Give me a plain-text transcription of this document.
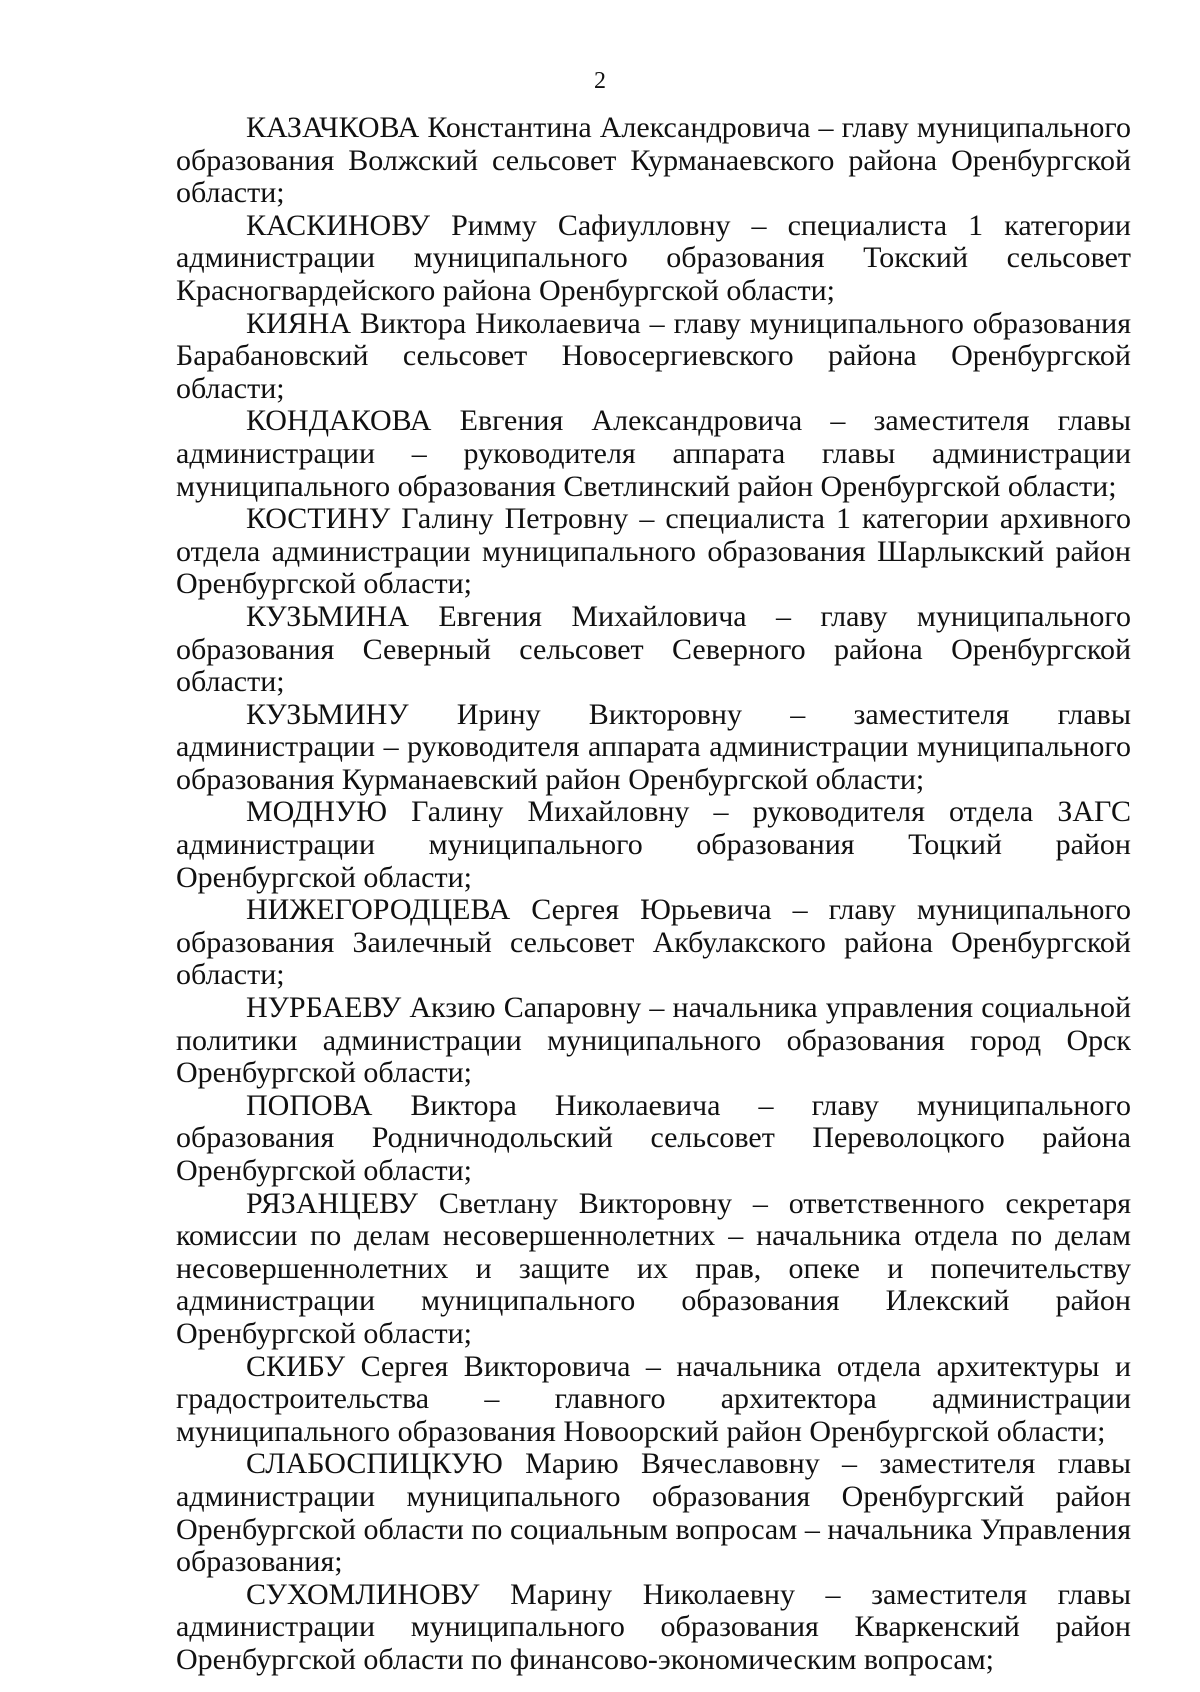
2

КАЗАЧКОВА Константина Александровича – главу муниципального образования Волжский сельсовет Курманаевского района Оренбургской области;

КАСКИНОВУ Римму Сафиулловну – специалиста 1 категории администрации муниципального образования Токский сельсовет Красногвардейского района Оренбургской области;

КИЯНА Виктора Николаевича – главу муниципального образования Барабановский сельсовет Новосергиевского района Оренбургской области;

КОНДАКОВА Евгения Александровича – заместителя главы администрации – руководителя аппарата главы администрации муниципального образования Светлинский район Оренбургской области;

КОСТИНУ Галину Петровну – специалиста 1 категории архивного отдела администрации муниципального образования Шарлыкский район Оренбургской области;

КУЗЬМИНА Евгения Михайловича – главу муниципального образования Северный сельсовет Северного района Оренбургской области;

КУЗЬМИНУ Ирину Викторовну – заместителя главы администрации – руководителя аппарата администрации муниципального образования Курманаевский район Оренбургской области;

МОДНУЮ Галину Михайловну – руководителя отдела ЗАГС администрации муниципального образования Тоцкий район Оренбургской области;

НИЖЕГОРОДЦЕВА Сергея Юрьевича – главу муниципального образования Заилечный сельсовет Акбулакского района Оренбургской области;

НУРБАЕВУ Акзию Сапаровну – начальника управления социальной политики администрации муниципального образования город Орск Оренбургской области;

ПОПОВА Виктора Николаевича – главу муниципального образования Родничнодольский сельсовет Переволоцкого района Оренбургской области;

РЯЗАНЦЕВУ Светлану Викторовну – ответственного секретаря комиссии по делам несовершеннолетних – начальника отдела по делам несовершеннолетних и защите их прав, опеке и попечительству администрации муниципального образования Илекский район Оренбургской области;

СКИБУ Сергея Викторовича – начальника отдела архитектуры и градостроительства – главного архитектора администрации муниципального образования Новоорский район Оренбургской области;

СЛАБОСПИЦКУЮ Марию Вячеславовну – заместителя главы администрации муниципального образования Оренбургский район Оренбургской области по социальным вопросам – начальника Управления образования;

СУХОМЛИНОВУ Марину Николаевну – заместителя главы администрации муниципального образования Кваркенский район Оренбургской области по финансово-экономическим вопросам;
